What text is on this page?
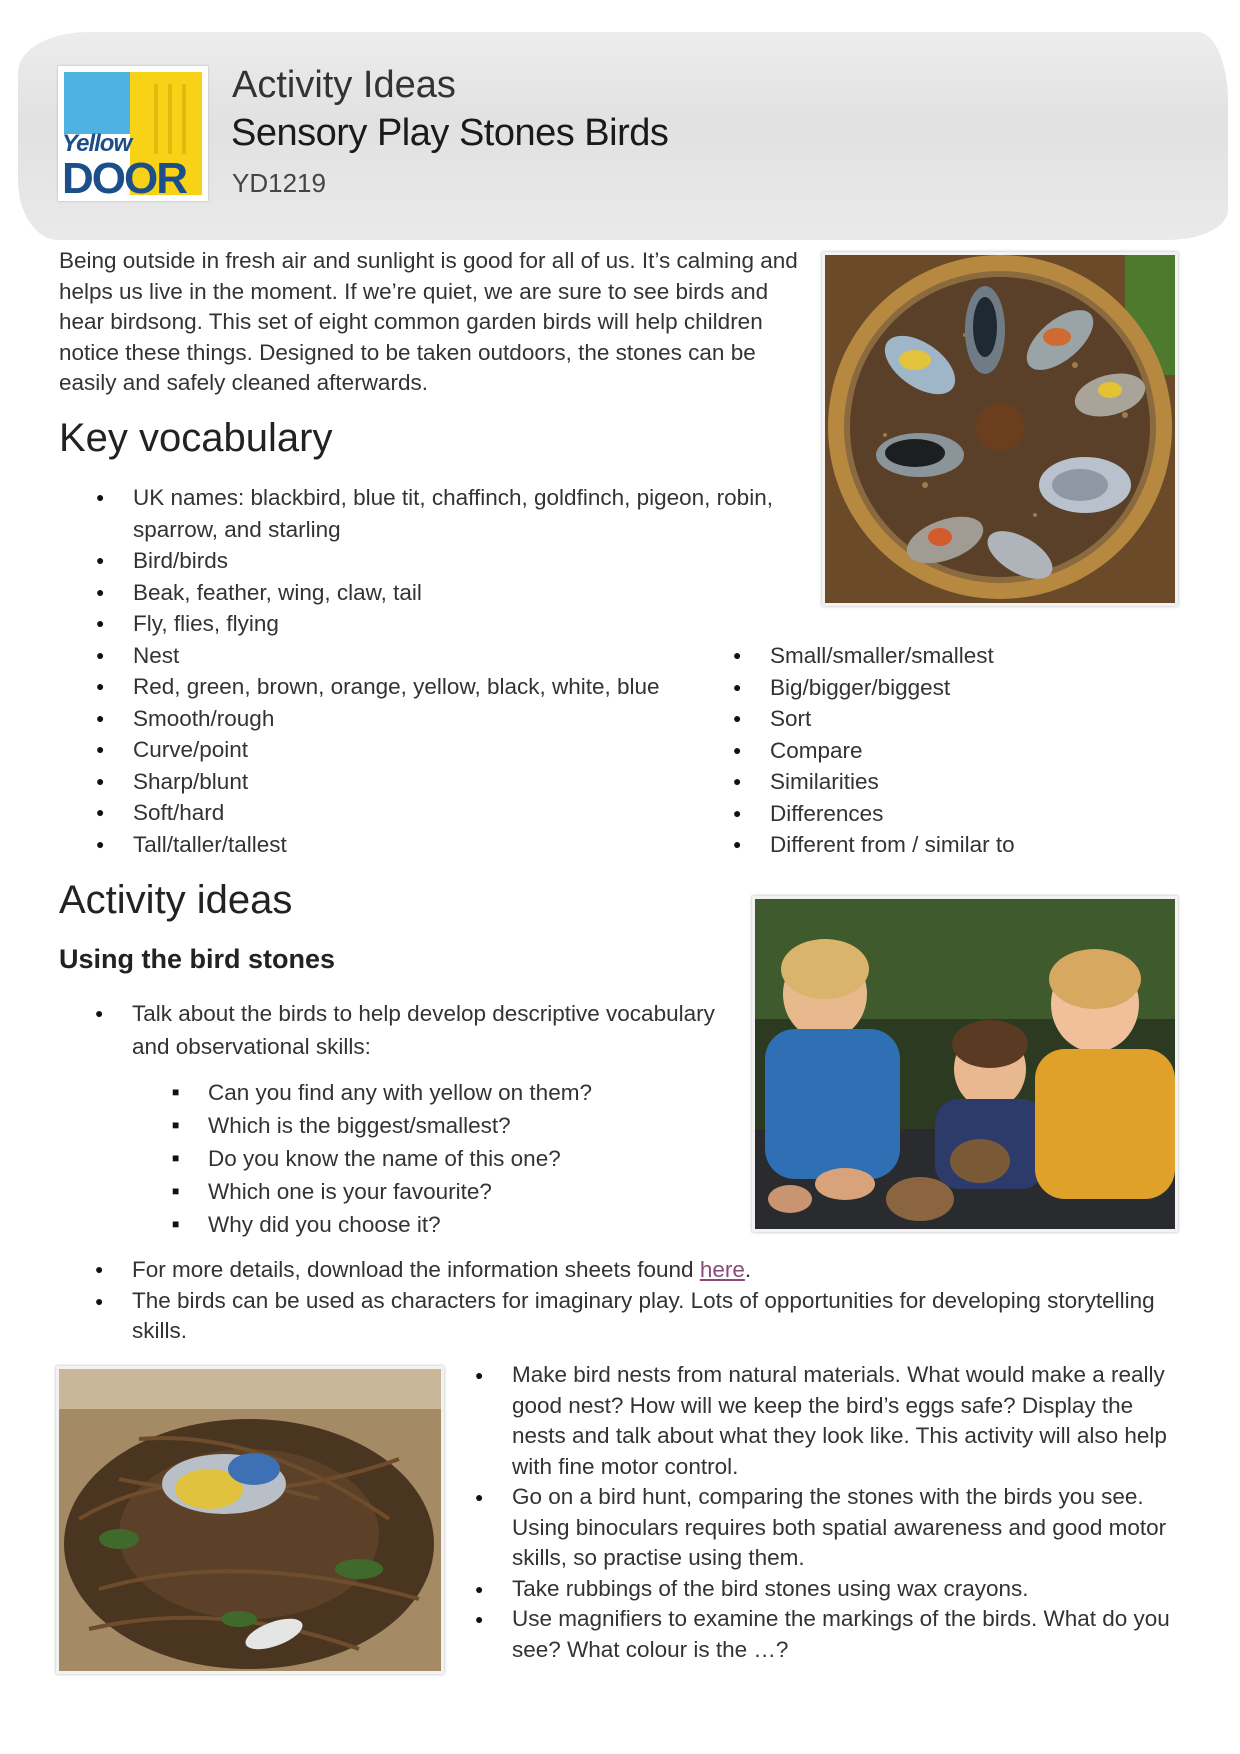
Yellow
DOOR
Activity Ideas
Sensory Play Stones Birds
YD1219

Being outside in fresh air and sunlight is good for all of us. It’s calming and helps us live in the moment. If we’re quiet, we are sure to see birds and hear birdsong. This set of eight common garden birds will help children notice these things. Designed to be taken outdoors, the stones can be easily and safely cleaned afterwards.

Key vocabulary
● UK names: blackbird, blue tit, chaffinch, goldfinch, pigeon, robin, sparrow, and starling
● Bird/birds
● Beak, feather, wing, claw, tail
● Fly, flies, flying
● Nest
● Red, green, brown, orange, yellow, black, white, blue
● Smooth/rough
● Curve/point
● Sharp/blunt
● Soft/hard
● Tall/taller/tallest
● Small/smaller/smallest
● Big/bigger/biggest
● Sort
● Compare
● Similarities
● Differences
● Different from / similar to
Activity ideas
Using the bird stones
● Talk about the birds to help develop descriptive vocabulary and observational skills:
■ Can you find any with yellow on them?
■ Which is the biggest/smallest?
■ Do you know the name of this one?
■ Which one is your favourite?
■ Why did you choose it?
● For more details, download the information sheets found here.
● The birds can be used as characters for imaginary play. Lots of opportunities for developing storytelling skills.
● Make bird nests from natural materials. What would make a really good nest? How will we keep the bird’s eggs safe? Display the nests and talk about what they look like. This activity will also help with fine motor control.
● Go on a bird hunt, comparing the stones with the birds you see. Using binoculars requires both spatial awareness and good motor skills, so practise using them.
● Take rubbings of the bird stones using wax crayons.
● Use magnifiers to examine the markings of the birds. What do you see? What colour is the …?
